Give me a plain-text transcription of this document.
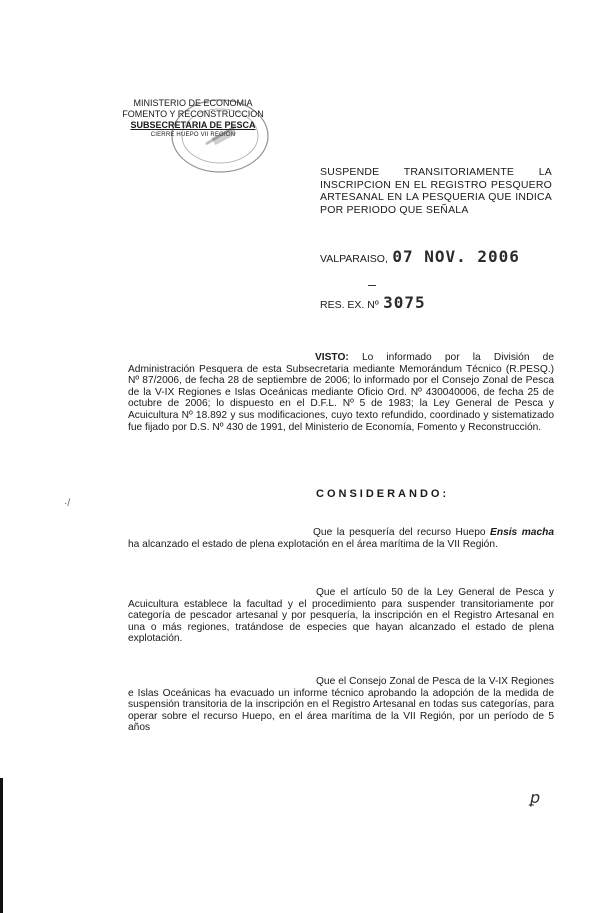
MINISTERIO DE ECONOMIA
FOMENTO Y RECONSTRUCCION
SUBSECRETARIA DE PESCA
CIERRE HUEPO VII REGION
SUSPENDE TRANSITORIAMENTE LA
INSCRIPCION EN EL REGISTRO PESQUERO
ARTESANAL EN LA PESQUERIA QUE INDICA
POR PERIODO QUE SEÑALA
VALPARAISO, 07 NOV. 2006
RES. EX. Nº 3075
VISTO: Lo informado por la División de Administración Pesquera de esta Subsecretaria mediante Memorándum Técnico (R.PESQ.) Nº 87/2006, de fecha 28 de septiembre de 2006; lo informado por el Consejo Zonal de Pesca de la V-IX Regiones e Islas Oceánicas mediante Oficio Ord. Nº 430040006, de fecha 25 de octubre de 2006; lo dispuesto en el D.F.L. Nº 5 de 1983; la Ley General de Pesca y Acuicultura Nº 18.892 y sus modificaciones, cuyo texto refundido, coordinado y sistematizado fue fijado por D.S. Nº 430 de 1991, del Ministerio de Economía, Fomento y Reconstrucción.
CONSIDERANDO:
Que la pesquería del recurso Huepo Ensis macha ha alcanzado el estado de plena explotación en el área marítima de la VII Región.
Que el artículo 50 de la Ley General de Pesca y Acuicultura establece la facultad y el procedimiento para suspender transitoriamente por categoría de pescador artesanal y por pesquería, la inscripción en el Registro Artesanal en una o más regiones, tratándose de especies que hayan alcanzado el estado de plena explotación.
Que el Consejo Zonal de Pesca de la V-IX Regiones e Islas Oceánicas ha evacuado un informe técnico aprobando la adopción de la medida de suspensión transitoria de la inscripción en el Registro Artesanal en todas sus categorías, para operar sobre el recurso Huepo, en el área marítima de la VII Región, por un período de 5 años
·/
ꝑ
